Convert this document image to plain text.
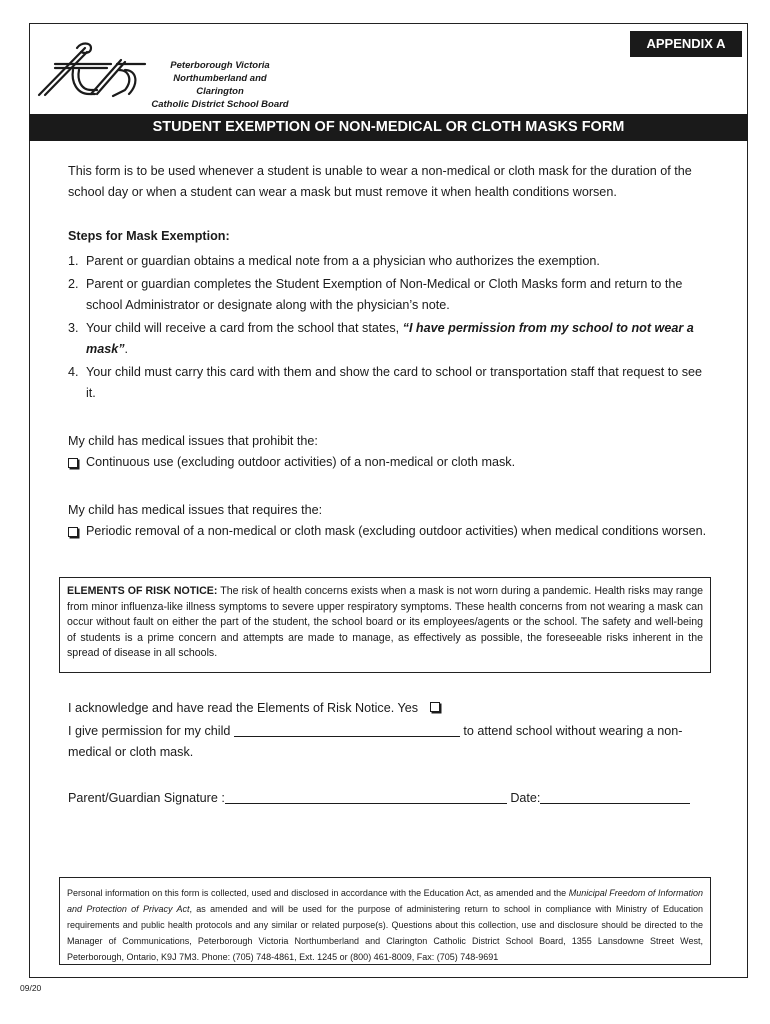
APPENDIX A
Peterborough Victoria
Northumberland and Clarington
Catholic District School Board
STUDENT EXEMPTION OF NON-MEDICAL OR CLOTH MASKS FORM
This form is to be used whenever a student is unable to wear a non-medical or cloth mask for the duration of the school day or when a student can wear a mask but must remove it when health conditions worsen.
Steps for Mask Exemption:
1. Parent or guardian obtains a medical note from a a physician who authorizes the exemption.
2. Parent or guardian completes the Student Exemption of Non-Medical or Cloth Masks form and return to the school Administrator or designate along with the physician’s note.
3. Your child will receive a card from the school that states, “I have permission from my school to not wear a mask”.
4. Your child must carry this card with them and show the card to school or transportation staff that request to see it.
My child has medical issues that prohibit the:
Continuous use (excluding outdoor activities) of a non-medical or cloth mask.
My child has medical issues that requires the:
Periodic removal of a non-medical or cloth mask (excluding outdoor activities) when medical conditions worsen.
ELEMENTS OF RISK NOTICE: The risk of health concerns exists when a mask is not worn during a pandemic. Health risks may range from minor influenza-like illness symptoms to severe upper respiratory symptoms. These health concerns from not wearing a mask can occur without fault on either the part of the student, the school board or its employees/agents or the school. The safety and well-being of students is a prime concern and attempts are made to manage, as effectively as possible, the foreseeable risks inherent in the spread of disease in all schools.
I acknowledge and have read the Elements of Risk Notice. Yes
I give permission for my child	to attend school without wearing a non-medical or cloth mask.
Parent/Guardian Signature :	Date:
Personal information on this form is collected, used and disclosed in accordance with the Education Act, as amended and the Municipal Freedom of Information and Protection of Privacy Act, as amended and will be used for the purpose of administering return to school in compliance with Ministry of Education requirements and public health protocols and any similar or related purpose(s). Questions about this collection, use and disclosure should be directed to the Manager of Communications, Peterborough Victoria Northumberland and Clarington Catholic District School Board, 1355 Lansdowne Street West, Peterborough, Ontario, K9J 7M3. Phone: (705) 748-4861, Ext. 1245 or (800) 461-8009, Fax: (705) 748-9691
09/20
